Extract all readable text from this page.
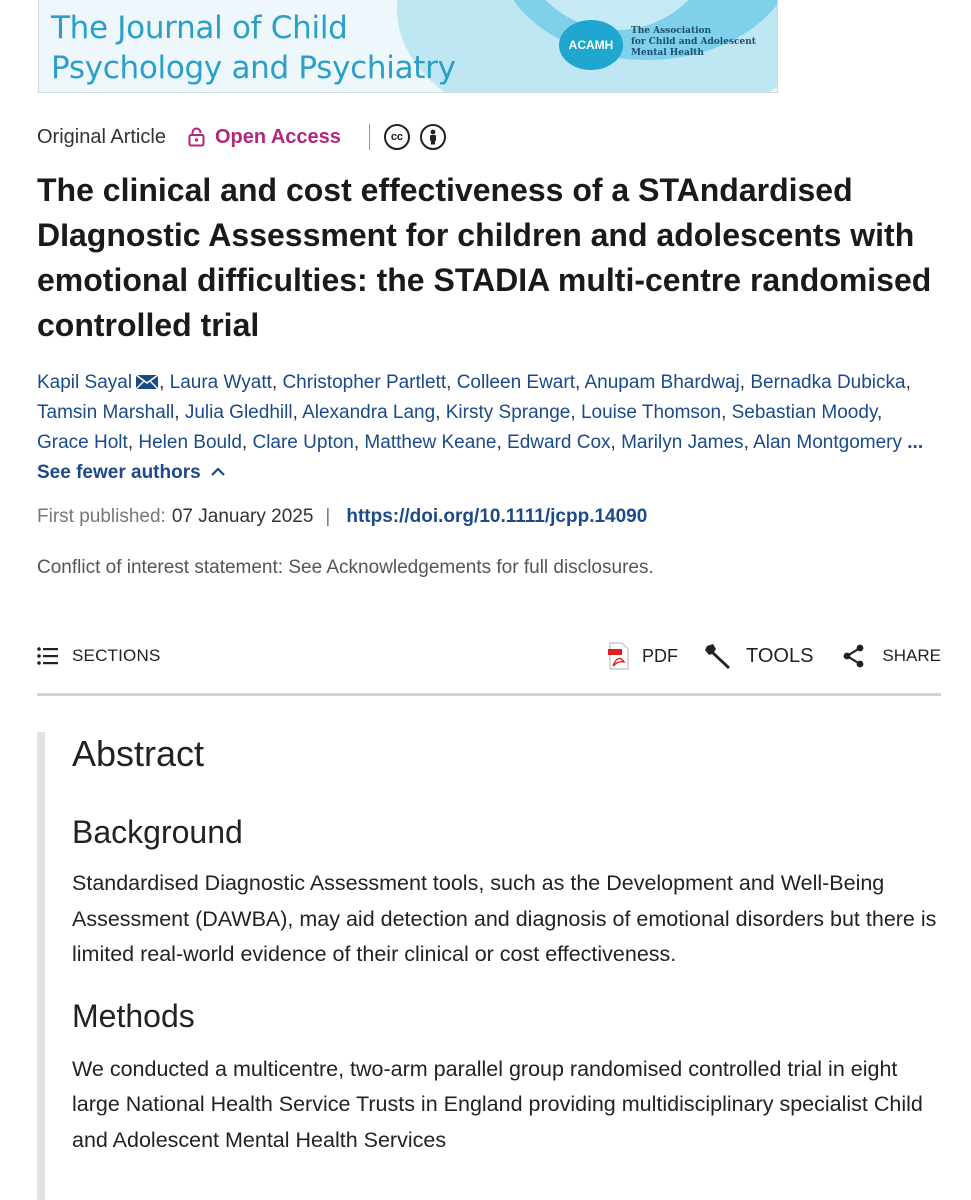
The Journal of Child
Psychology and Psychiatry
ACAMH
The Association
for Child and Adolescent
Mental Health
Original Article Open Access	cc
The clinical and cost effectiveness of a STAndardised DIagnostic Assessment for children and adolescents with emotional difficulties: the STADIA multi-centre randomised controlled trial
Kapil Sayal , Laura Wyatt, Christopher Partlett, Colleen Ewart, Anupam Bhardwaj, Bernadka Dubicka, Tamsin Marshall, Julia Gledhill, Alexandra Lang, Kirsty Sprange, Louise Thomson, Sebastian Moody, Grace Holt, Helen Bould, Clare Upton, Matthew Keane, Edward Cox, Marilyn James, Alan Montgomery ... See fewer authors
First published: 07 January 2025 | https://doi.org/10.1111/jcpp.14090
Conflict of interest statement: See Acknowledgements for full disclosures.
SECTIONS	PDF	TOOLS	SHARE
Abstract
Background

Standardised Diagnostic Assessment tools, such as the Development and Well-Being Assessment (DAWBA), may aid detection and diagnosis of emotional disorders but there is limited real-world evidence of their clinical or cost effectiveness.

Methods

We conducted a multicentre, two-arm parallel group randomised controlled trial in eight large National Health Service Trusts in England providing multidisciplinary specialist Child and Adolescent Mental Health Services
